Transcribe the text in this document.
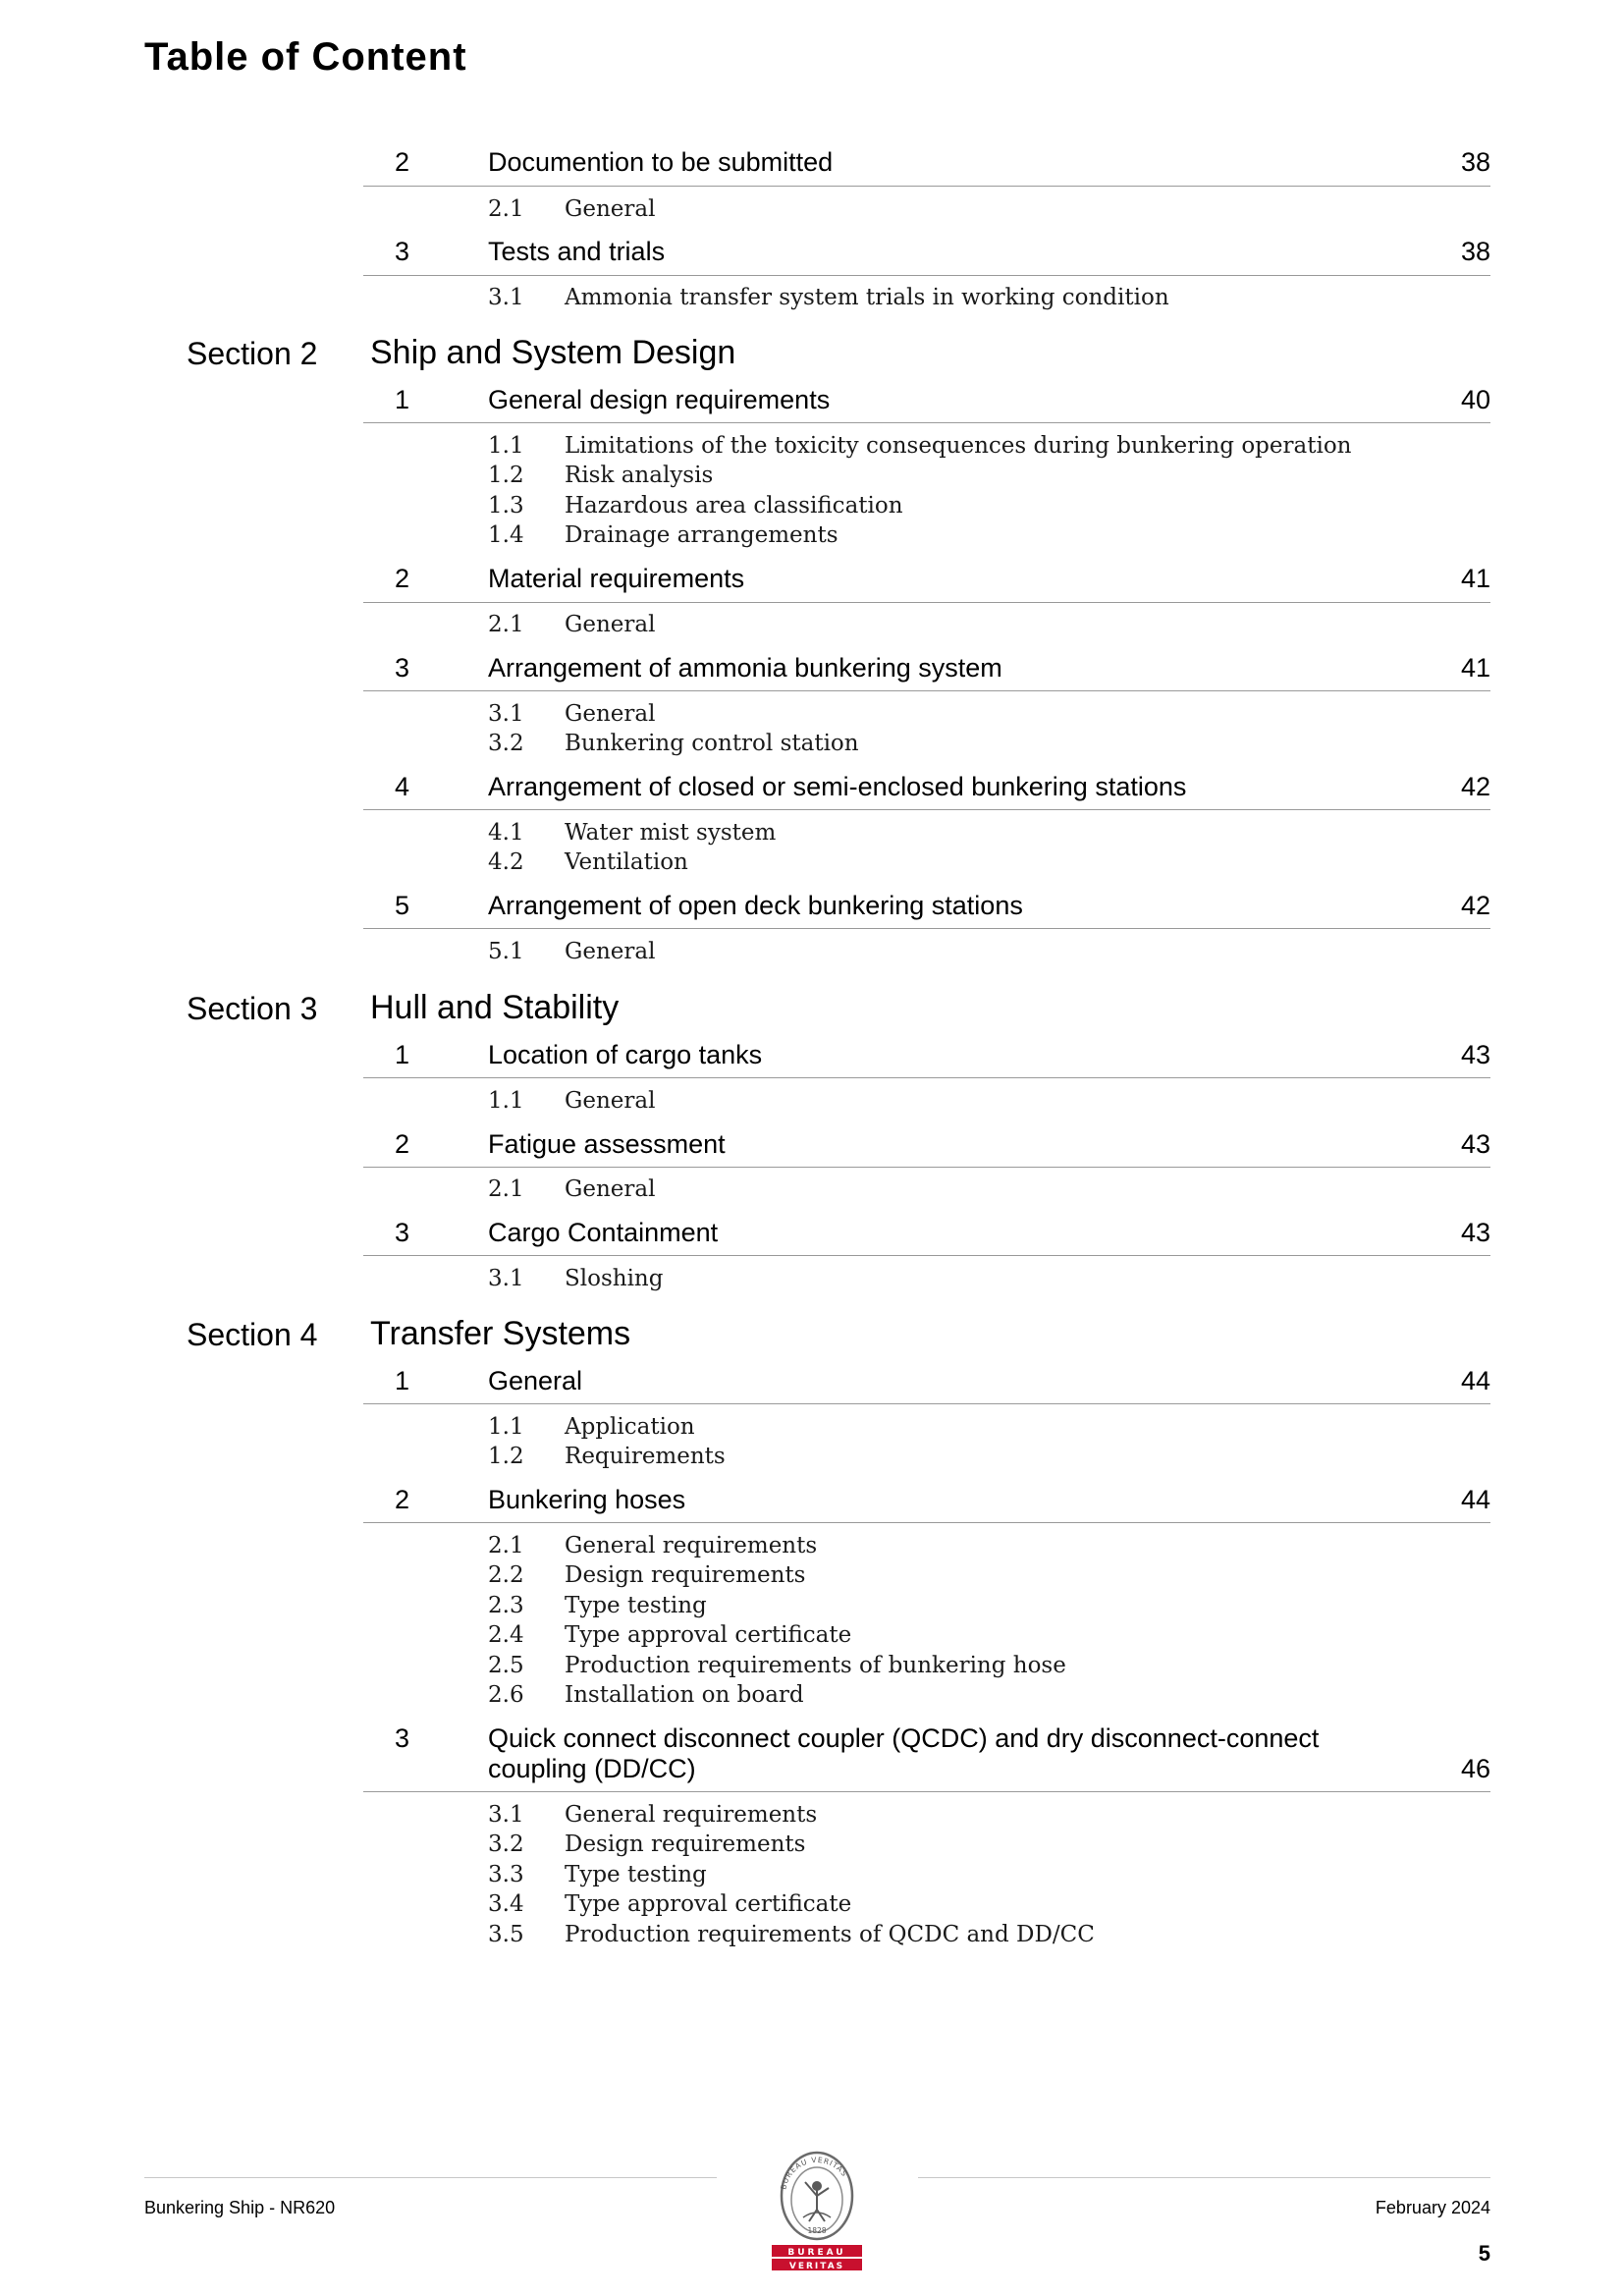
Table of Content
2	Documention to be submitted	38
2.1 General
3	Tests and trials	38
3.1 Ammonia transfer system trials in working condition
Section 2	Ship and System Design
1	General design requirements	40
1.1 Limitations of the toxicity consequences during bunkering operation
1.2 Risk analysis
1.3 Hazardous area classification
1.4 Drainage arrangements
2	Material requirements	41
2.1 General
3	Arrangement of ammonia bunkering system	41
3.1 General
3.2 Bunkering control station
4	Arrangement of closed or semi-enclosed bunkering stations	42
4.1 Water mist system
4.2 Ventilation
5	Arrangement of open deck bunkering stations	42
5.1 General
Section 3	Hull and Stability
1	Location of cargo tanks	43
1.1 General
2	Fatigue assessment	43
2.1 General
3	Cargo Containment	43
3.1 Sloshing
Section 4	Transfer Systems
1	General	44
1.1 Application
1.2 Requirements
2	Bunkering hoses	44
2.1 General requirements
2.2 Design requirements
2.3 Type testing
2.4 Type approval certificate
2.5 Production requirements of bunkering hose
2.6 Installation on board
3	Quick connect disconnect coupler (QCDC) and dry disconnect-connect coupling (DD/CC)	46
3.1 General requirements
3.2 Design requirements
3.3 Type testing
3.4 Type approval certificate
3.5 Production requirements of QCDC and DD/CC
Bunkering Ship - NR620	February 2024
5
BUREAU VERITAS
1828
BUREAU
VERITAS
